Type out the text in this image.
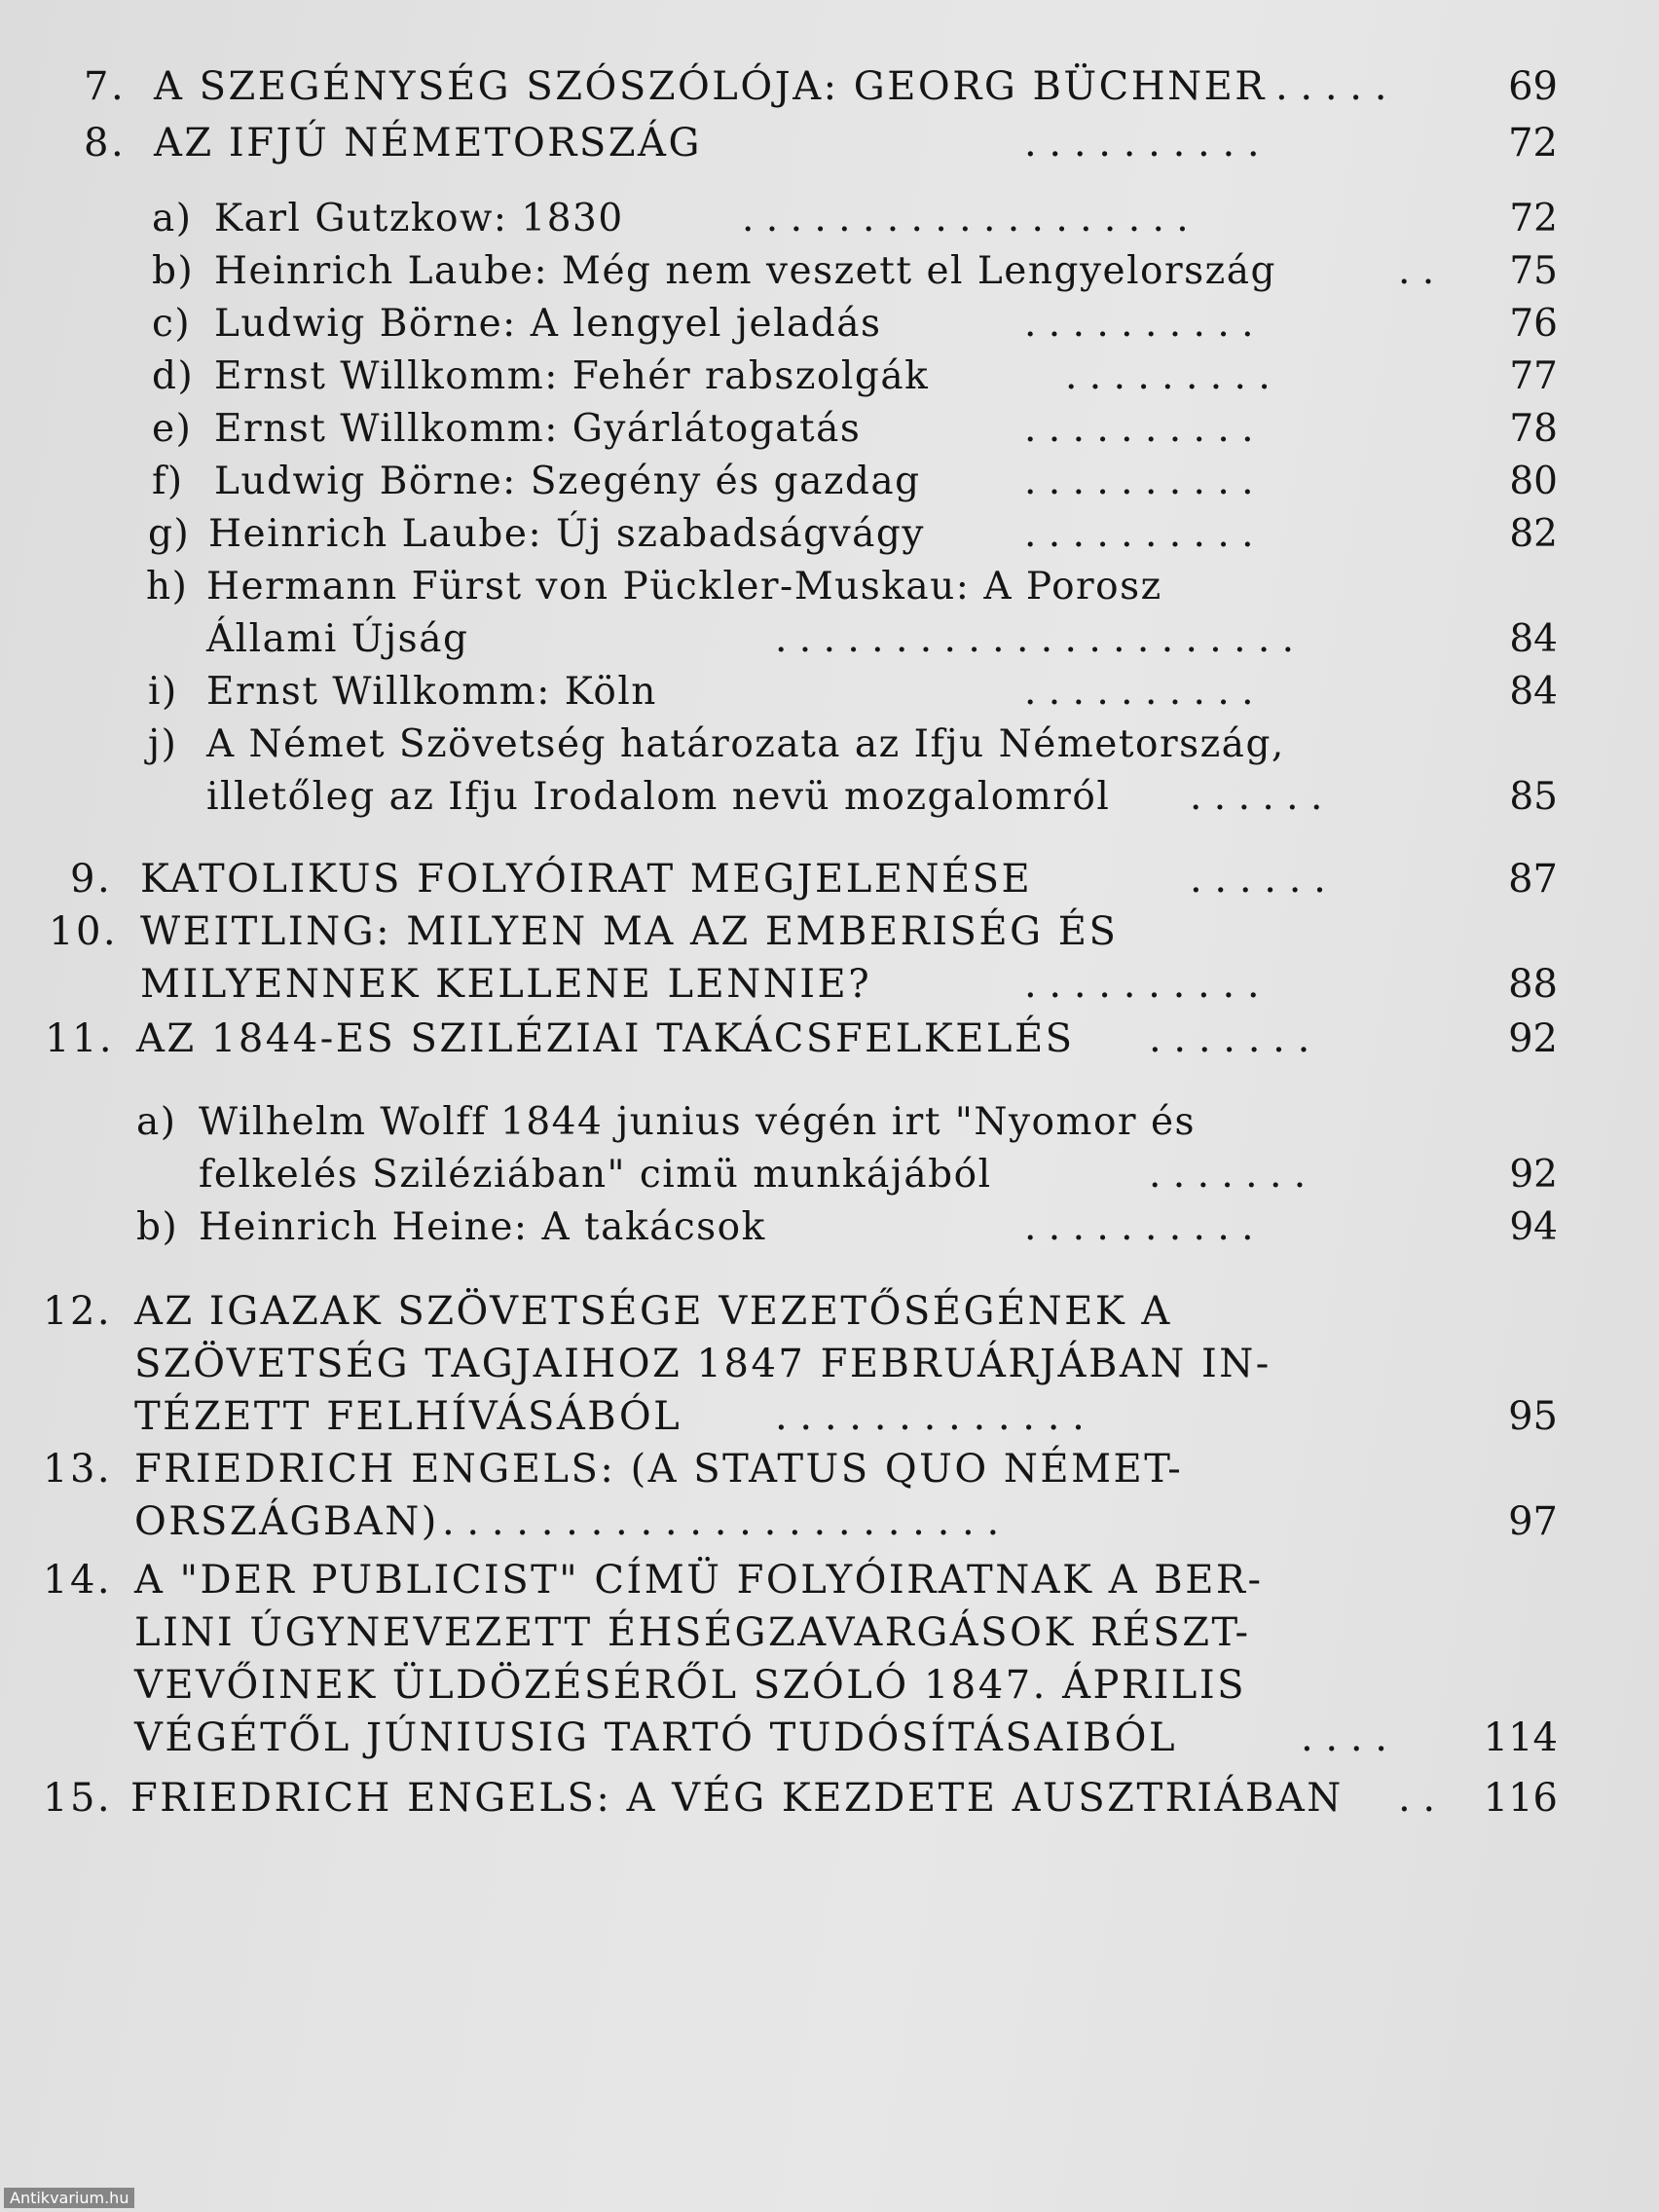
7. A SZEGÉNYSÉG SZÓSZÓLÓJA: GEORG BÜCHNER . . . . .	69
8. AZ IFJÚ NÉMETORSZÁG	. . . . . . . . . .	72
a) Karl Gutzkow: 1830	. . . . . . . . . . . . . . . . . . .	72
b) Heinrich Laube: Még nem veszett el Lengyelország	. .	75
c) Ludwig Börne: A lengyel jeladás	. . . . . . . . . .	76
d) Ernst Willkomm: Fehér rabszolgák	. . . . . . . . .	77
e) Ernst Willkomm: Gyárlátogatás	. . . . . . . . . .	78
f) Ludwig Börne: Szegény és gazdag	. . . . . . . . . .	80
g) Heinrich Laube: Új szabadságvágy	. . . . . . . . . .	82
h) Hermann Fürst von Pückler-Muskau: A Porosz
Állami Újság	. . . . . . . . . . . . . . . . . . . . . .	84
i) Ernst Willkomm: Köln	. . . . . . . . . .	84
j) A Német Szövetség határozata az Ifju Németország,
illetőleg az Ifju Irodalom nevü mozgalomról . . . . . .	85
9. KATOLIKUS FOLYÓIRAT MEGJELENÉSE	. . . . . .	87
10. WEITLING: MILYEN MA AZ EMBERISÉG ÉS
MILYENNEK KELLENE LENNIE?	. . . . . . . . . .	88
11. AZ 1844-ES SZILÉZIAI TAKÁCSFELKELÉS . . . . . . .	92
a) Wilhelm Wolff 1844 junius végén irt "Nyomor és
felkelés Sziléziában" cimü munkájából	. . . . . . .	92
b) Heinrich Heine: A takácsok	. . . . . . . . . .	94
12. AZ IGAZAK SZÖVETSÉGE VEZETŐSÉGÉNEK A
SZÖVETSÉG TAGJAIHOZ 1847 FEBRUÁRJÁBAN IN-
TÉZETT FELHÍVÁSÁBÓL . . . . . . . . . . . . .	95
13. FRIEDRICH ENGELS: (A STATUS QUO NÉMET-
ORSZÁGBAN) . . . . . . . . . . . . . . . . . . . . . . .	97
14. A "DER PUBLICIST" CÍMÜ FOLYÓIRATNAK A BER-
LINI ÚGYNEVEZETT ÉHSÉGZAVARGÁSOK RÉSZT-
VEVŐINEK ÜLDÖZÉSÉRŐL SZÓLÓ 1847. ÁPRILIS
VÉGÉTŐL JÚNIUSIG TARTÓ TUDÓSÍTÁSAIBÓL	. . . .	114
15. FRIEDRICH ENGELS: A VÉG KEZDETE AUSZTRIÁBAN . .	116
Antikvarium.hu
